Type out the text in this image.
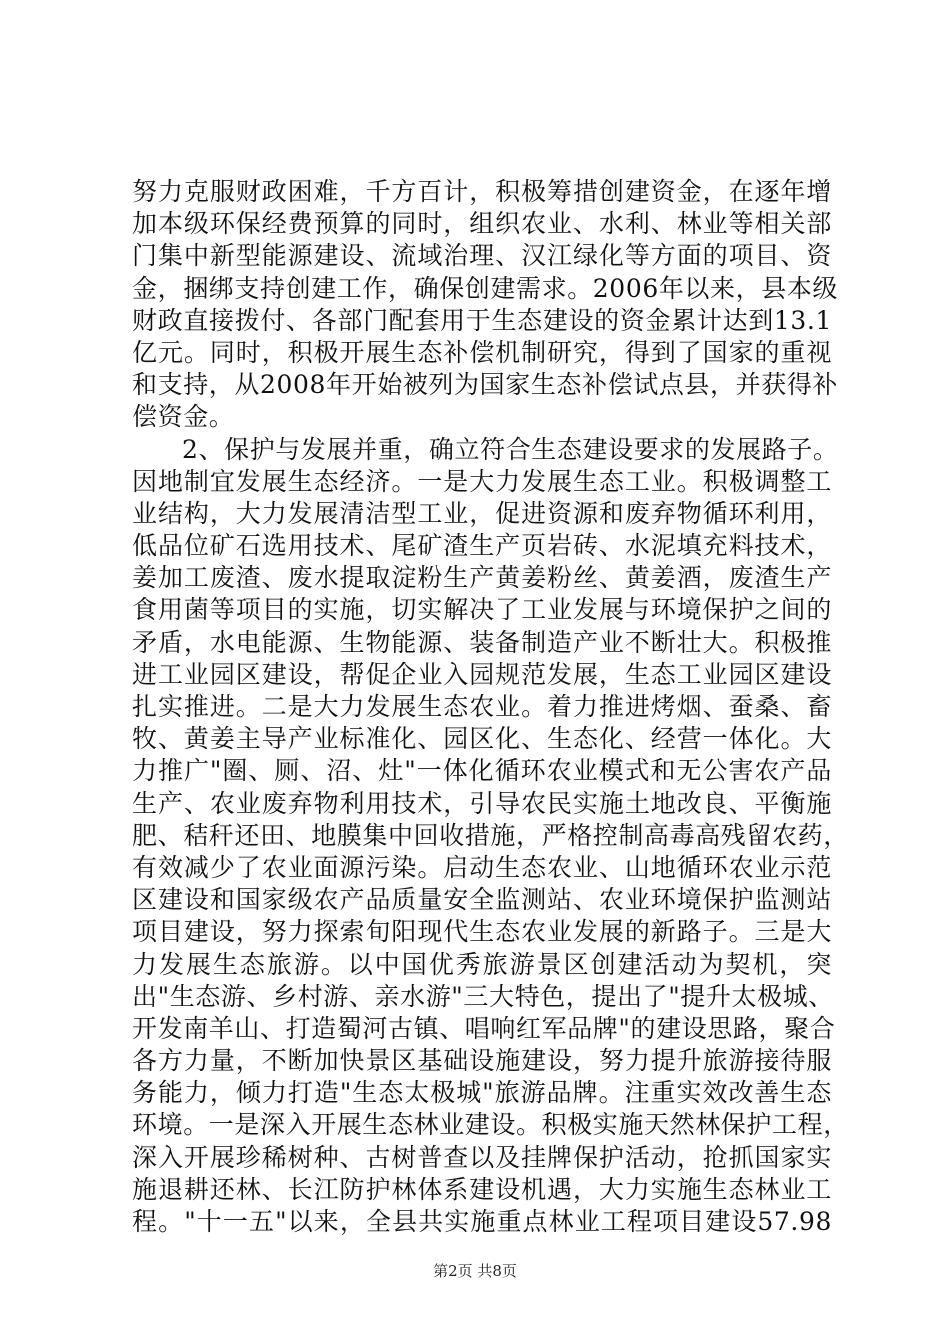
努力克服财政困难，千方百计，积极筹措创建资金，在逐年增
加本级环保经费预算的同时，组织农业、水利、林业等相关部
门集中新型能源建设、流域治理、汉江绿化等方面的项目、资
金，捆绑支持创建工作，确保创建需求。2006年以来，县本级
财政直接拨付、各部门配套用于生态建设的资金累计达到13.1
亿元。同时，积极开展生态补偿机制研究，得到了国家的重视
和支持，从2008年开始被列为国家生态补偿试点县，并获得补
偿资金。
2、保护与发展并重，确立符合生态建设要求的发展路子。
因地制宜发展生态经济。一是大力发展生态工业。积极调整工
业结构，大力发展清洁型工业，促进资源和废弃物循环利用，
低品位矿石选用技术、尾矿渣生产页岩砖、水泥填充料技术，
姜加工废渣、废水提取淀粉生产黄姜粉丝、黄姜酒，废渣生产
食用菌等项目的实施，切实解决了工业发展与环境保护之间的
矛盾，水电能源、生物能源、装备制造产业不断壮大。积极推
进工业园区建设，帮促企业入园规范发展，生态工业园区建设
扎实推进。二是大力发展生态农业。着力推进烤烟、蚕桑、畜
牧、黄姜主导产业标准化、园区化、生态化、经营一体化。大
力推广"圈、厕、沼、灶"一体化循环农业模式和无公害农产品
生产、农业废弃物利用技术，引导农民实施土地改良、平衡施
肥、秸秆还田、地膜集中回收措施，严格控制高毒高残留农药，
有效减少了农业面源污染。启动生态农业、山地循环农业示范
区建设和国家级农产品质量安全监测站、农业环境保护监测站
项目建设，努力探索旬阳现代生态农业发展的新路子。三是大
力发展生态旅游。以中国优秀旅游景区创建活动为契机，突
出"生态游、乡村游、亲水游"三大特色，提出了"提升太极城、
开发南羊山、打造蜀河古镇、唱响红军品牌"的建设思路，聚合
各方力量，不断加快景区基础设施建设，努力提升旅游接待服
务能力，倾力打造"生态太极城"旅游品牌。注重实效改善生态
环境。一是深入开展生态林业建设。积极实施天然林保护工程，
深入开展珍稀树种、古树普查以及挂牌保护活动，抢抓国家实
施退耕还林、长江防护林体系建设机遇，大力实施生态林业工
程。"十一五"以来，全县共实施重点林业工程项目建设57.98
第2页 共8页
